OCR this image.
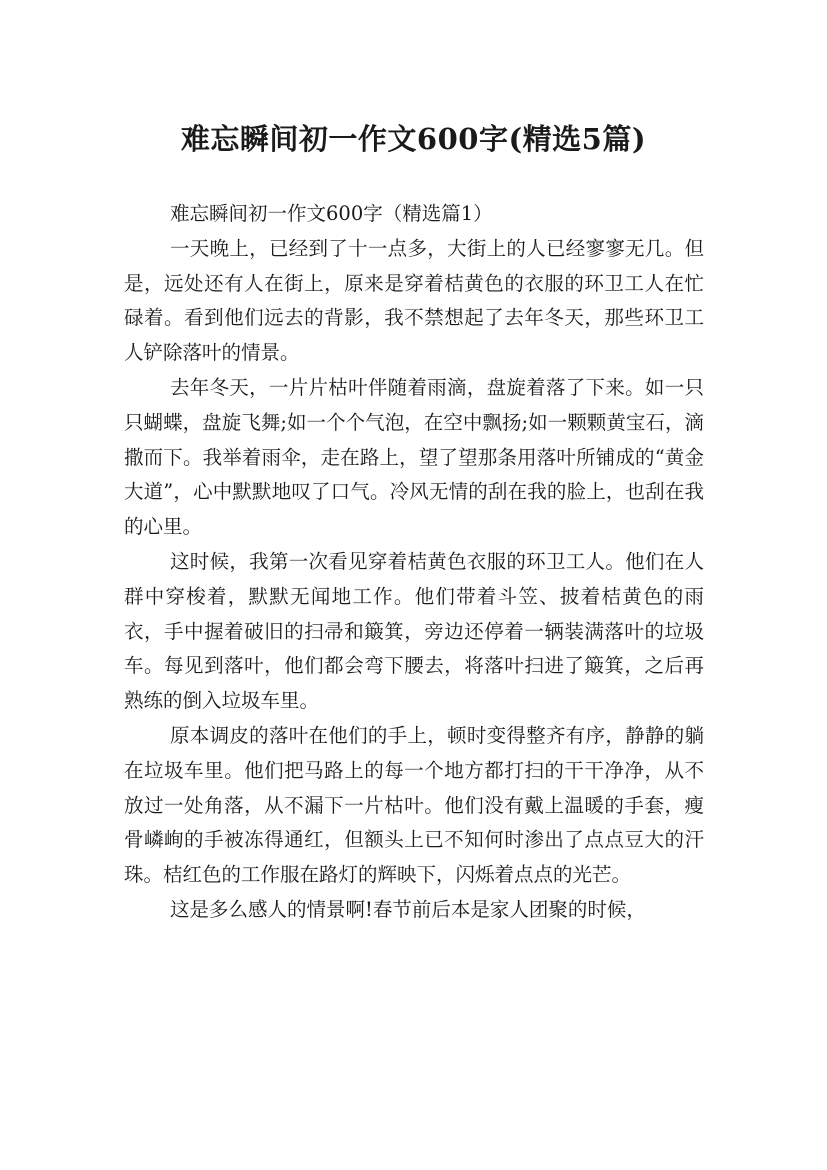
难忘瞬间初一作文600字(精选5篇)

难忘瞬间初一作文600字（精选篇1）

一天晚上，已经到了十一点多，大街上的人已经寥寥无几。但是，远处还有人在街上，原来是穿着桔黄色的衣服的环卫工人在忙碌着。看到他们远去的背影，我不禁想起了去年冬天，那些环卫工人铲除落叶的情景。

去年冬天，一片片枯叶伴随着雨滴，盘旋着落了下来。如一只只蝴蝶，盘旋飞舞;如一个个气泡，在空中飘扬;如一颗颗黄宝石，滴撒而下。我举着雨伞，走在路上，望了望那条用落叶所铺成的“黄金大道”，心中默默地叹了口气。冷风无情的刮在我的脸上，也刮在我的心里。

这时候，我第一次看见穿着桔黄色衣服的环卫工人。他们在人群中穿梭着，默默无闻地工作。他们带着斗笠、披着桔黄色的雨衣，手中握着破旧的扫帚和簸箕，旁边还停着一辆装满落叶的垃圾车。每见到落叶，他们都会弯下腰去，将落叶扫进了簸箕，之后再熟练的倒入垃圾车里。

原本调皮的落叶在他们的手上，顿时变得整齐有序，静静的躺在垃圾车里。他们把马路上的每一个地方都打扫的干干净净，从不放过一处角落，从不漏下一片枯叶。他们没有戴上温暖的手套，瘦骨嶙峋的手被冻得通红，但额头上已不知何时渗出了点点豆大的汗珠。桔红色的工作服在路灯的辉映下，闪烁着点点的光芒。

这是多么感人的情景啊!春节前后本是家人团聚的时候，
